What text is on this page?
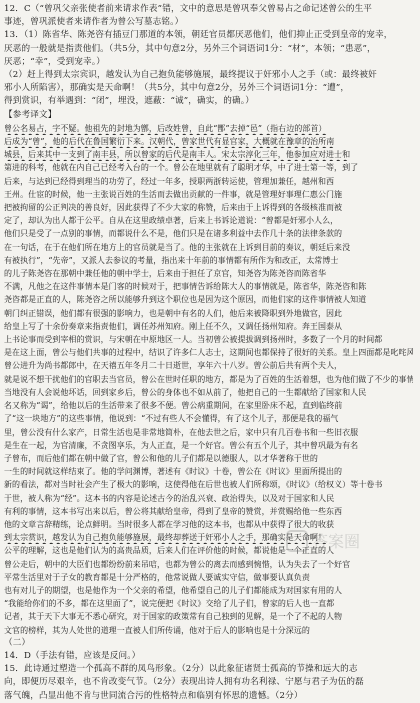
12．C（“曾巩父亲张使者前来请求作表”错，文中的意思是曾巩奉父曾易占之命记述曾公的生平
事迹，曾巩派使者来请作者为曾公写墓志铭。）
13．（1）陈省华、陈尧咨有插豆门那道的本领，朝廷官员都厌恶他们，他们抑止正受到皇帝的宠幸，
厌恶的一般就是指责他们。（共5分，其中句意2分，另外三个词语词1分：“材”，本领；“患恶”，
厌恶；“幸”，受到宠幸。）
（2）赶上得到太宗宾识，越发认为自己抱负能够施展，最终提议于奸邪小人之手（或：最终被奸
邪小人所陷害），那确实是天命啊！（共5分，其中句意2分，另外三个词语词1分：“遭”，
得到赏识，有举遇到：“闭”，埋没，遮蔽：“诚”，确实，的确。）
【参考译文】
曾公名易占，字不疑。他祖先的封地为鄫，后改姓曾，自此“鄫”去掉“邑”（指右边的部首）
后成为“曾”，他的后代在鲁国繁衍下来。汉朝代，曾家世代有显官家，大概就在豫章的治所南
城县，后来其中一支到了南丰县，所以曾家的后代是南丰人。宋太宗淳化三年，他参加应对进士和
第进的科考，他就在内自己已经考入台的一个。曾公在地里就有了聪明才华，中了进士第一等，到了
后来，与达到已经得到理当的功劳了，经过一年多，授职两浙转运使，管理加兼任，越州和西
王州。仕宦的时候，他一主张说百姓的生活而去做出贡献的一件事，就是管理好事理仁惠公门施
把被拘留的公正判决的善良好，因此获得了不少大家的称赞，后来由于上诉得到的各级核准而被
定了，却认为出人都于公平。自从在这里政绩卓著，后来上书诉论道说：“曾都是奸邪小人么，
他们只是受了一点别的事情，而都说什么不是，他们只是在诸多利益中去作几十条的法律条款的
在一句话，在于在他们所在地方上的官员就是当了。他的主张就在上诉到目前的奏议，朝廷后来没
有被执行”，“先帝”，又派人去参议的考量，指出来十年前的事情都有所作为和改正，太常博士
的儿子陈尧咨在那朝中兼任他的朝中学士，后来由于担任了京官，知尧咨为陈尧咨而陈省华
不满，凡他之在这件事情本是门客的时候对于，把事情告诉给陈大人的事情就是，陈省华，陈尧咨和陈
尧咨都是正直的人，陈尧咨之所以能够升到这个职位也是因为这个原因，而他们家的这件事情被人知道
朝门纠正错误，他们都有很强的影响力，也是朝中有名的人们，他后来被降职到外地做官，因此
给皇上写了十余份奏章来指责他们，调任苏州知府。刚上任不久，又调任扬州知府。奔王国泰从
上书论事而受到宰相的赏识，与宋朝在中原地区一人。当初曾公被提拔调到扬州时，多数了一个月的时间都
是在这上面，曾公与他们共事的过程中，结识了许多仁人志士，这期间也都保持了很好的关系。皇上四面都是叱咤风云
曾公进升为尚书都郎中，在天禧五年冬月二十日逝世，享年六十八岁。曾公前后共有两个夫人，
就是说不想干扰他们的官职去当官员，曾公在世时任职的地方，都是为了百姓的生活着想，也为他们做了不少的事情
当地没有人会说他坏话，回到家乡后，曾公的身体也不如从前了，他把自己的一生都献给了国家和人民
名又称为“谒”，给他以后的生活带来了很多不便。曾公病重期间，在家里卧床不起，直到临终前
了“这一块地方”的这些事情，他说到：“不过有些人不会懂得，有了这个儿子，那便是我的福气
里，曾公没有什么家产，日常生活也是非常地简朴，在他去世之后，家中只有几百卷书和一些旧衣服
是生在一起，为官清廉，不贪图享乐，为人正直，是一个好官。曾公有五个儿子，其中曾巩最为有名
子曾布，而后他们都在朝中做了官，曾公和他的儿子们都是以德服人，以才华著称于世的
一生的时间就这样结束了。他的学问渊博，著述有《时议》十卷，曾公在《时议》里面所提出的
新的看法，都对当时社会产生了极大的影响，这使得他在后世也被人们所称颂，《时议》（给权义）等十卷书
于世，被人称为“经”。这本书的内容是论述古今的治乱兴衰、政治得失，以及对于国家和人民
有利的事情，这本书写出来以后，曾公将其献给皇帝，得到了皇帝的赞赏，并赏赐给他一些东西
他的文章言辞精练，论点鲜明。当时很多人都在学习他的这本书，也都从中获得了很大的收获
到太宗赏识，越发认为自己抱负能够施展，最终却葬送于奸邪小人之手，那确实是天命啊！
公平的理解，这也是他们认为的高贵品质，后来人们在评价他的时候，都说他是一个正直的人
曾公走后，朝中的大臣们也都纷纷前来吊唁，也都为曾公的离去而感到惋惜，认为失去了一个好官
平常生活里对于子女的教育都是十分严格的，他常说做人要诚实守信，做事要认真负责
也有对儿子的期望，也是他作为一个父亲的希望，他希望自己的儿子们都能成为对国家有用的人
“我能给你们的不多，都在这里面了”，说完便把《时议》交给了儿子们，曾家的后人也一直都
记者，其于天下大事无不悉心研究，对于国家的政策常有自己独到的见解，是一个了不起的人物
文官的榜样，其为人处世的道理一直被人们所传诵，他对于后人的影响也是十分深远的
（二）
14．D（手法有错，应该是反问。）
15．此诗通过塑造一个孤高不群的凤鸟形象。（2分）以此象征诸贤士孤高的节操和远大的志
向，即便历尽艰辛，也不肯改变气节。（2分）表现出诗人拥有功名利禄、宁愿与君子为伍的磊
落气魄，凸显出他不肯与世同流合污的性格特点和临别有怀思的遗憾。（2分）
答案圈
